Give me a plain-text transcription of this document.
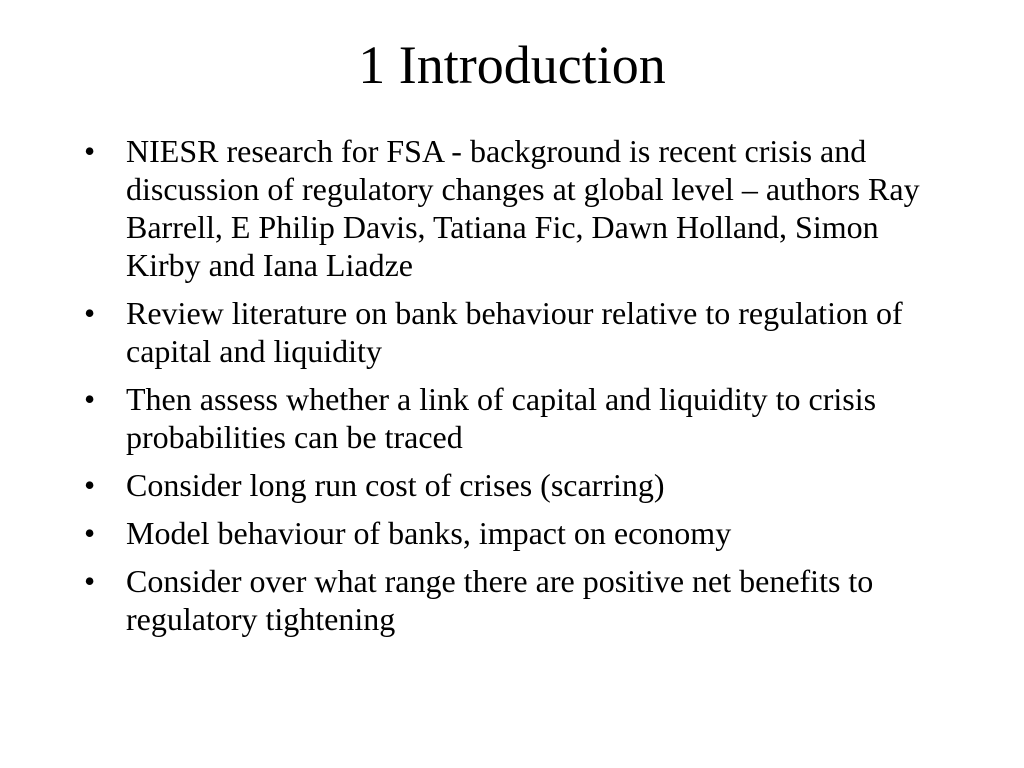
1 Introduction
• NIESR research for FSA - background is recent crisis and discussion of regulatory changes at global level – authors Ray Barrell, E Philip Davis, Tatiana Fic, Dawn Holland, Simon Kirby and Iana Liadze
• Review literature on bank behaviour relative to regulation of capital and liquidity
• Then assess whether a link of capital and liquidity to crisis probabilities can be traced
• Consider long run cost of crises (scarring)
• Model behaviour of banks, impact on economy
• Consider over what range there are positive net benefits to regulatory tightening
